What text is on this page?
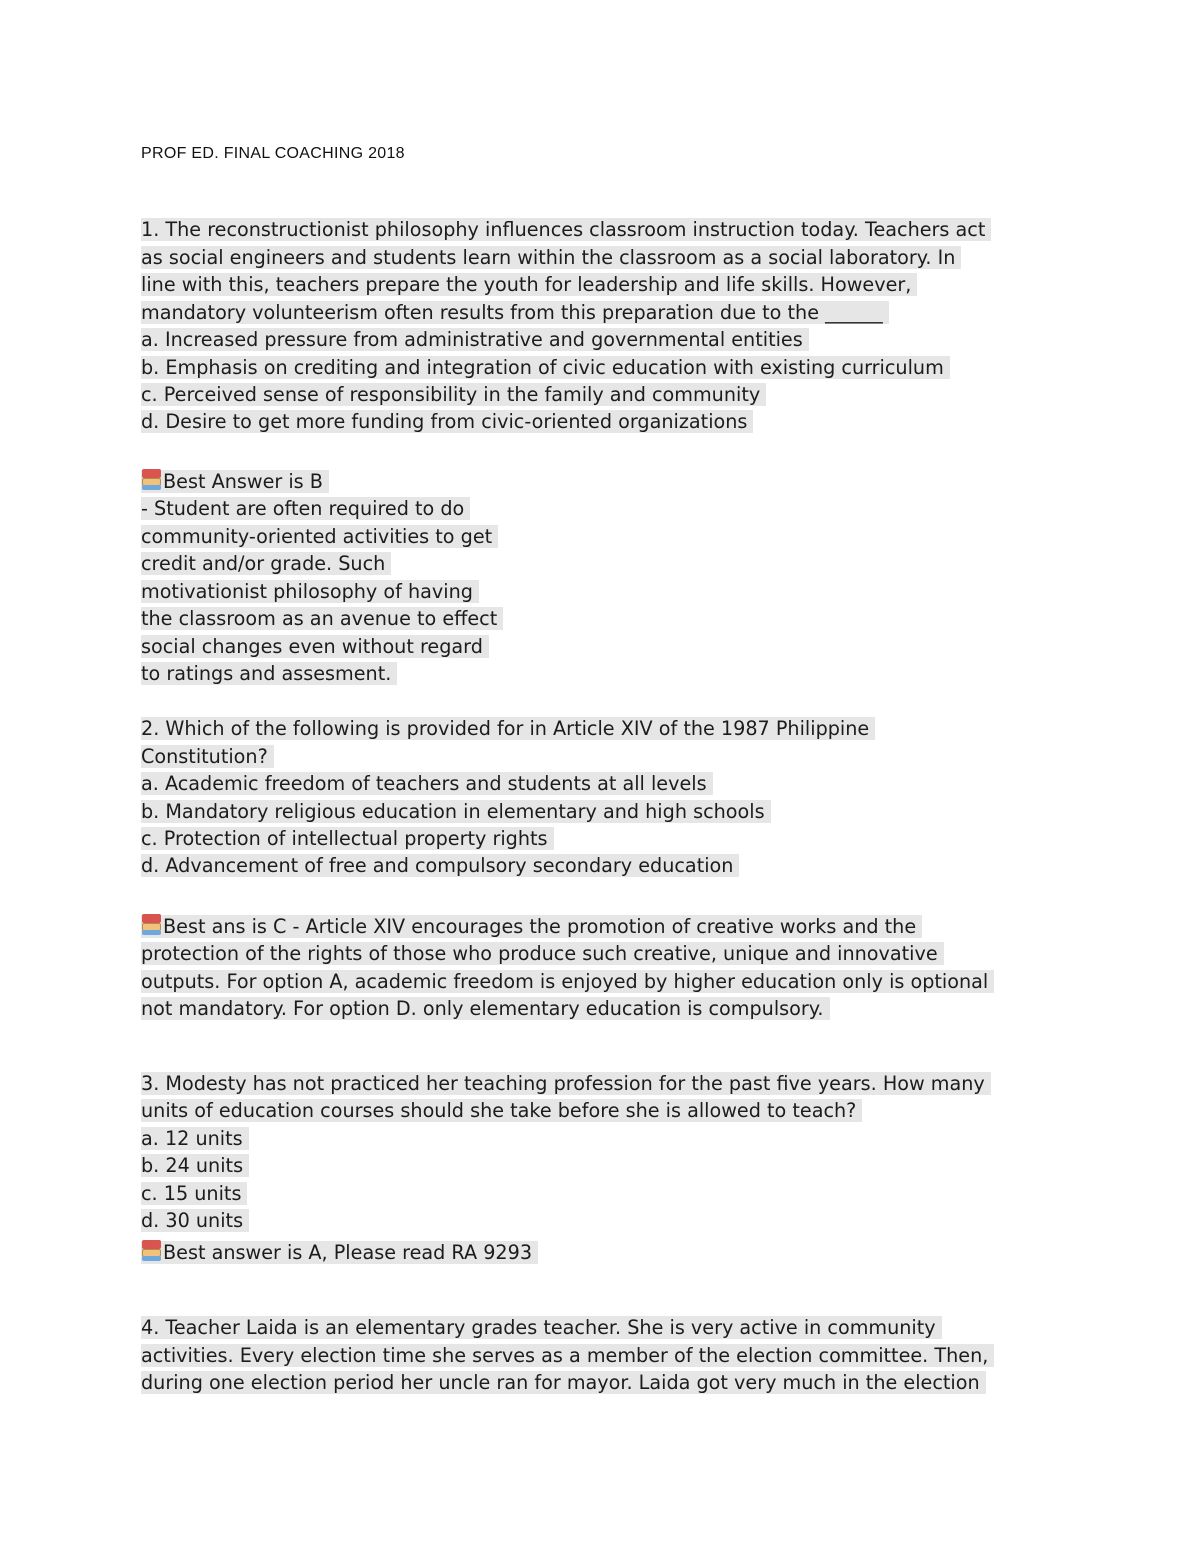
PROF ED. FINAL COACHING 2018
1. The reconstructionist philosophy influences classroom instruction today. Teachers act
as social engineers and students learn within the classroom as a social laboratory. In
line with this, teachers prepare the youth for leadership and life skills. However,
mandatory volunteerism often results from this preparation due to the ______
a. Increased pressure from administrative and governmental entities
b. Emphasis on crediting and integration of civic education with existing curriculum
c. Perceived sense of responsibility in the family and community
d. Desire to get more funding from civic-oriented organizations
Best Answer is B
- Student are often required to do
community-oriented activities to get
credit and/or grade. Such
motivationist philosophy of having
the classroom as an avenue to effect
social changes even without regard
to ratings and assesment.
2. Which of the following is provided for in Article XIV of the 1987 Philippine
Constitution?
a. Academic freedom of teachers and students at all levels
b. Mandatory religious education in elementary and high schools
c. Protection of intellectual property rights
d. Advancement of free and compulsory secondary education
Best ans is C - Article XIV encourages the promotion of creative works and the
protection of the rights of those who produce such creative, unique and innovative
outputs. For option A, academic freedom is enjoyed by higher education only is optional
not mandatory. For option D. only elementary education is compulsory.
3. Modesty has not practiced her teaching profession for the past five years. How many
units of education courses should she take before she is allowed to teach?
a. 12 units
b. 24 units
c. 15 units
d. 30 units
Best answer is A, Please read RA 9293
4. Teacher Laida is an elementary grades teacher. She is very active in community
activities. Every election time she serves as a member of the election committee. Then,
during one election period her uncle ran for mayor. Laida got very much in the election
